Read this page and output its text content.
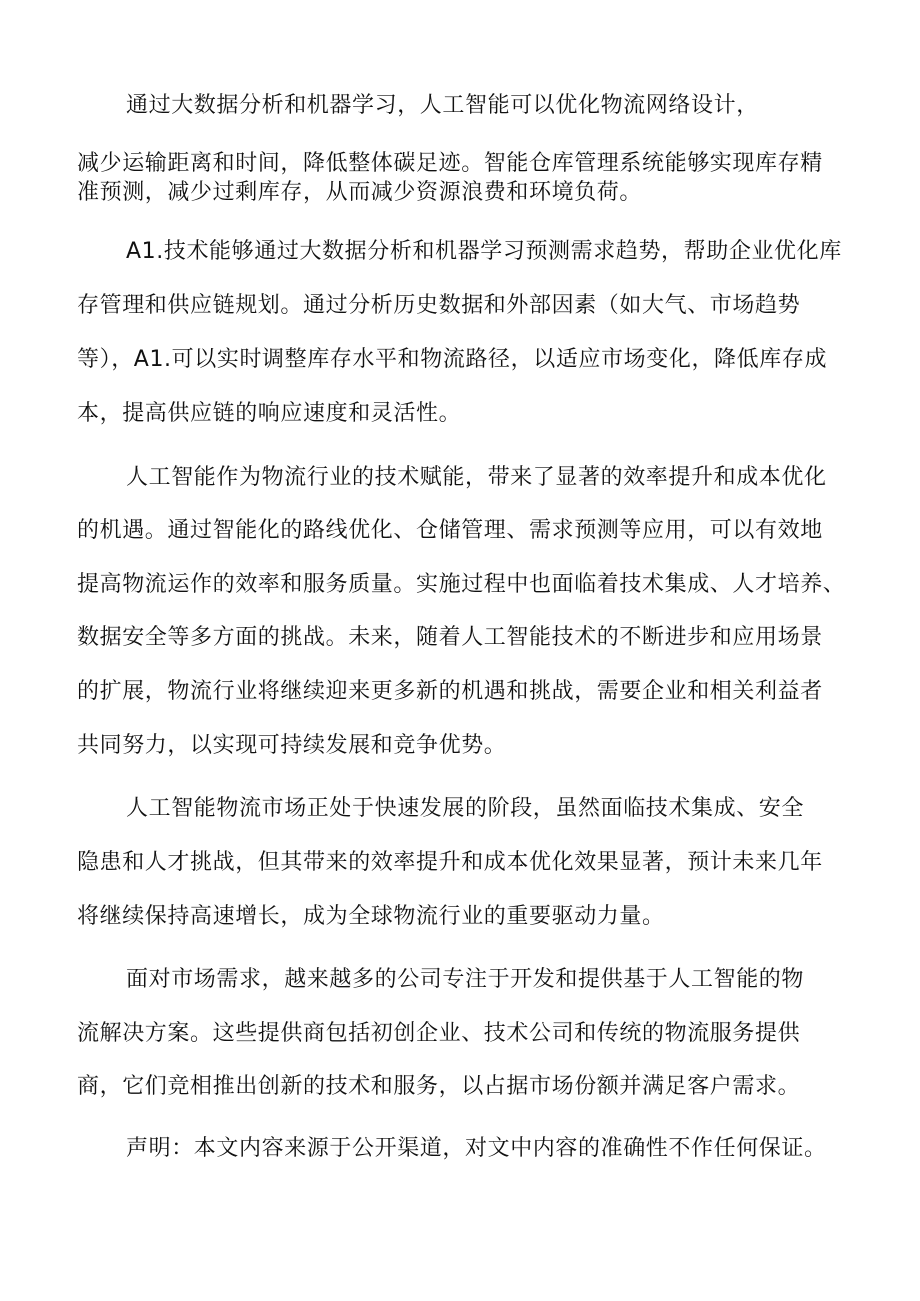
通过大数据分析和机器学习，人工智能可以优化物流网络设计，
减少运输距离和时间，降低整体碳足迹。智能仓库管理系统能够实现库存精
准预测，减少过剩库存，从而减少资源浪费和环境负荷。
A1.技术能够通过大数据分析和机器学习预测需求趋势，帮助企业优化库
存管理和供应链规划。通过分析历史数据和外部因素（如大气、市场趋势
等），A1.可以实时调整库存水平和物流路径，以适应市场变化，降低库存成
本，提高供应链的响应速度和灵活性。
人工智能作为物流行业的技术赋能，带来了显著的效率提升和成本优化
的机遇。通过智能化的路线优化、仓储管理、需求预测等应用，可以有效地
提高物流运作的效率和服务质量。实施过程中也面临着技术集成、人才培养、
数据安全等多方面的挑战。未来，随着人工智能技术的不断进步和应用场景
的扩展，物流行业将继续迎来更多新的机遇和挑战，需要企业和相关利益者
共同努力，以实现可持续发展和竞争优势。
人工智能物流市场正处于快速发展的阶段，虽然面临技术集成、安全
隐患和人才挑战，但其带来的效率提升和成本优化效果显著，预计未来几年
将继续保持高速增长，成为全球物流行业的重要驱动力量。
面对市场需求，越来越多的公司专注于开发和提供基于人工智能的物
流解决方案。这些提供商包括初创企业、技术公司和传统的物流服务提供
商，它们竞相推出创新的技术和服务，以占据市场份额并满足客户需求。
声明：本文内容来源于公开渠道，对文中内容的准确性不作任何保证。
